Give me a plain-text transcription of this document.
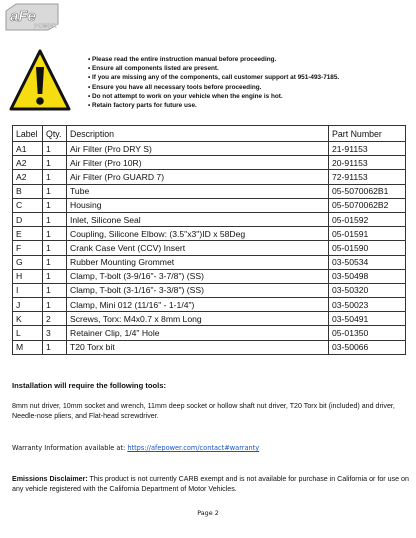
aFe
POWER
• Please read the entire instruction manual before proceeding.
• Ensure all components listed are present.
• If you are missing any of the components, call customer support at 951-493-7185.
• Ensure you have all necessary tools before proceeding.
• Do not attempt to work on your vehicle when the engine is hot.
• Retain factory parts for future use.
Label	Qty.	Description	Part Number
A1	1	Air Filter (Pro DRY S)	21-91153
A2	1	Air Filter (Pro 10R)	20-91153
A2	1	Air Filter (Pro GUARD 7)	72-91153
B	1	Tube	05-5070062B1
C	1	Housing	05-5070062B2
D	1	Inlet, Silicone Seal	05-01592
E	1	Coupling, Silicone Elbow: (3.5"x3")ID x 58Deg	05-01591
F	1	Crank Case Vent (CCV) Insert	05-01590
G	1	Rubber Mounting Grommet	03-50534
H	1	Clamp, T-bolt (3-9/16"- 3-7/8") (SS)	03-50498
I	1	Clamp, T-bolt (3-1/16"- 3-3/8") (SS)	03-50320
J	1	Clamp, Mini 012 (11/16" - 1-1/4")	03-50023
K	2	Screws, Torx: M4x0.7 x 8mm Long	03-50491
L	3	Retainer Clip, 1/4" Hole	05-01350
M	1	T20 Torx bit	03-50066
Installation will require the following tools:
8mm nut driver, 10mm socket and wrench, 11mm deep socket or hollow shaft nut driver, T20 Torx bit (included) and driver, Needle-nose pliers, and Flat-head screwdriver.
Warranty Information available at: https://afepower.com/contact#warranty
Emissions Disclaimer: This product is not currently CARB exempt and is not available for purchase in California or for use on any vehicle registered with the California Department of Motor Vehicles.
Page 2
